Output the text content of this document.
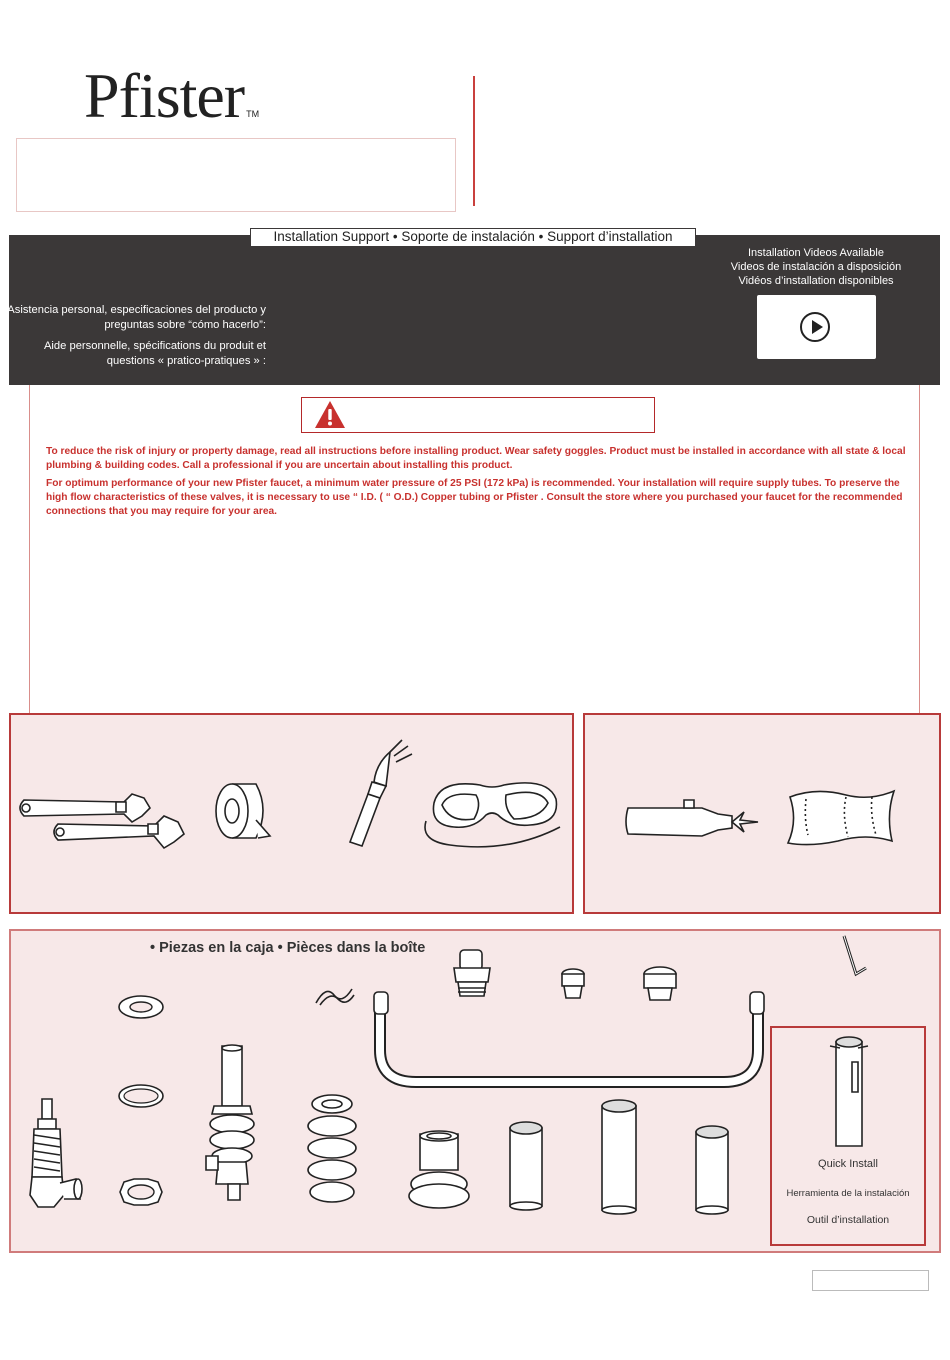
Pfister TM
Installation Support • Soporte de instalación • Support d’installation
Asistencia personal, especificaciones del producto y preguntas sobre “cómo hacerlo”:
Aide personnelle, spécifications du produit et questions « pratico-pratiques » :
Installation Videos Available
Videos de instalación a disposición
Vidéos d’installation disponibles
To reduce the risk of injury or property damage, read all instructions before installing product. Wear safety goggles. Product must be installed in accordance with all state & local plumbing & building codes. Call a professional if you are uncertain about installing this product.
For optimum performance of your new Pfister faucet, a minimum water pressure of 25 PSI (172 kPa) is recommended. Your installation will require supply tubes. To preserve the high flow characteristics of these valves, it is necessary to use “ I.D. ( “ O.D.) Copper tubing or Pfister . Consult the store where you purchased your faucet for the recommended connections that you may require for your area.
• Piezas en la caja • Pièces dans la boîte
Quick Install
Herramienta de la instalación
Outil d’installation
